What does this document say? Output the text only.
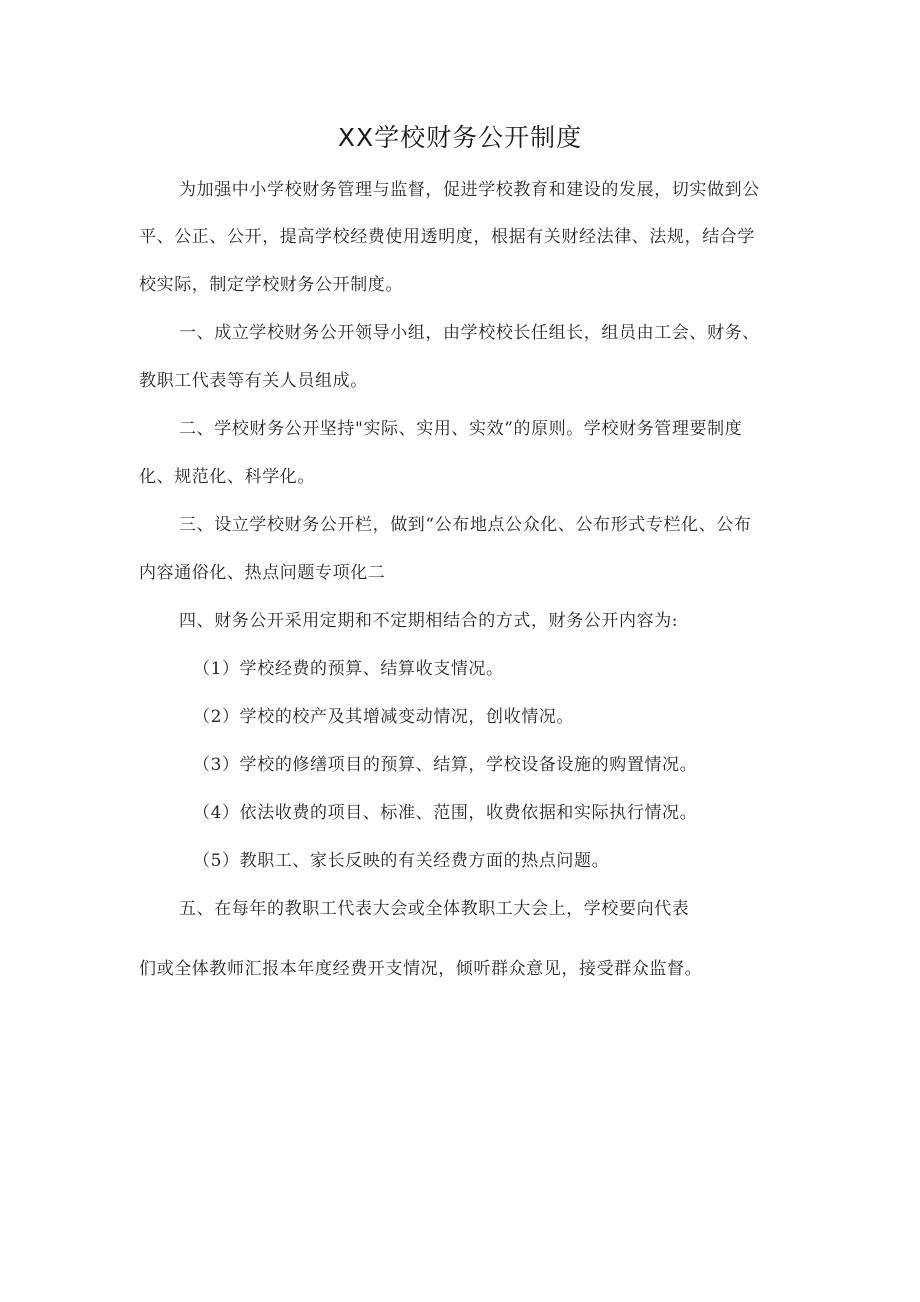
XX学校财务公开制度
为加强中小学校财务管理与监督，促进学校教育和建设的发展，切实做到公
平、公正、公开，提高学校经费使用透明度，根据有关财经法律、法规，结合学
校实际，制定学校财务公开制度。
一、成立学校财务公开领导小组，由学校校长任组长，组员由工会、财务、
教职工代表等有关人员组成。
二、学校财务公开坚持"实际、实用、实效”的原则。学校财务管理要制度
化、规范化、科学化。
三、设立学校财务公开栏，做到“公布地点公众化、公布形式专栏化、公布
内容通俗化、热点问题专项化二
四、财务公开采用定期和不定期相结合的方式，财务公开内容为:
（1）学校经费的预算、结算收支情况。
（2）学校的校产及其增减变动情况，创收情况。
（3）学校的修缮项目的预算、结算，学校设备设施的购置情况。
（4）依法收费的项目、标准、范围，收费依据和实际执行情况。
（5）教职工、家长反映的有关经费方面的热点问题。
五、在每年的教职工代表大会或全体教职工大会上，学校要向代表
们或全体教师汇报本年度经费开支情况，倾听群众意见，接受群众监督。
